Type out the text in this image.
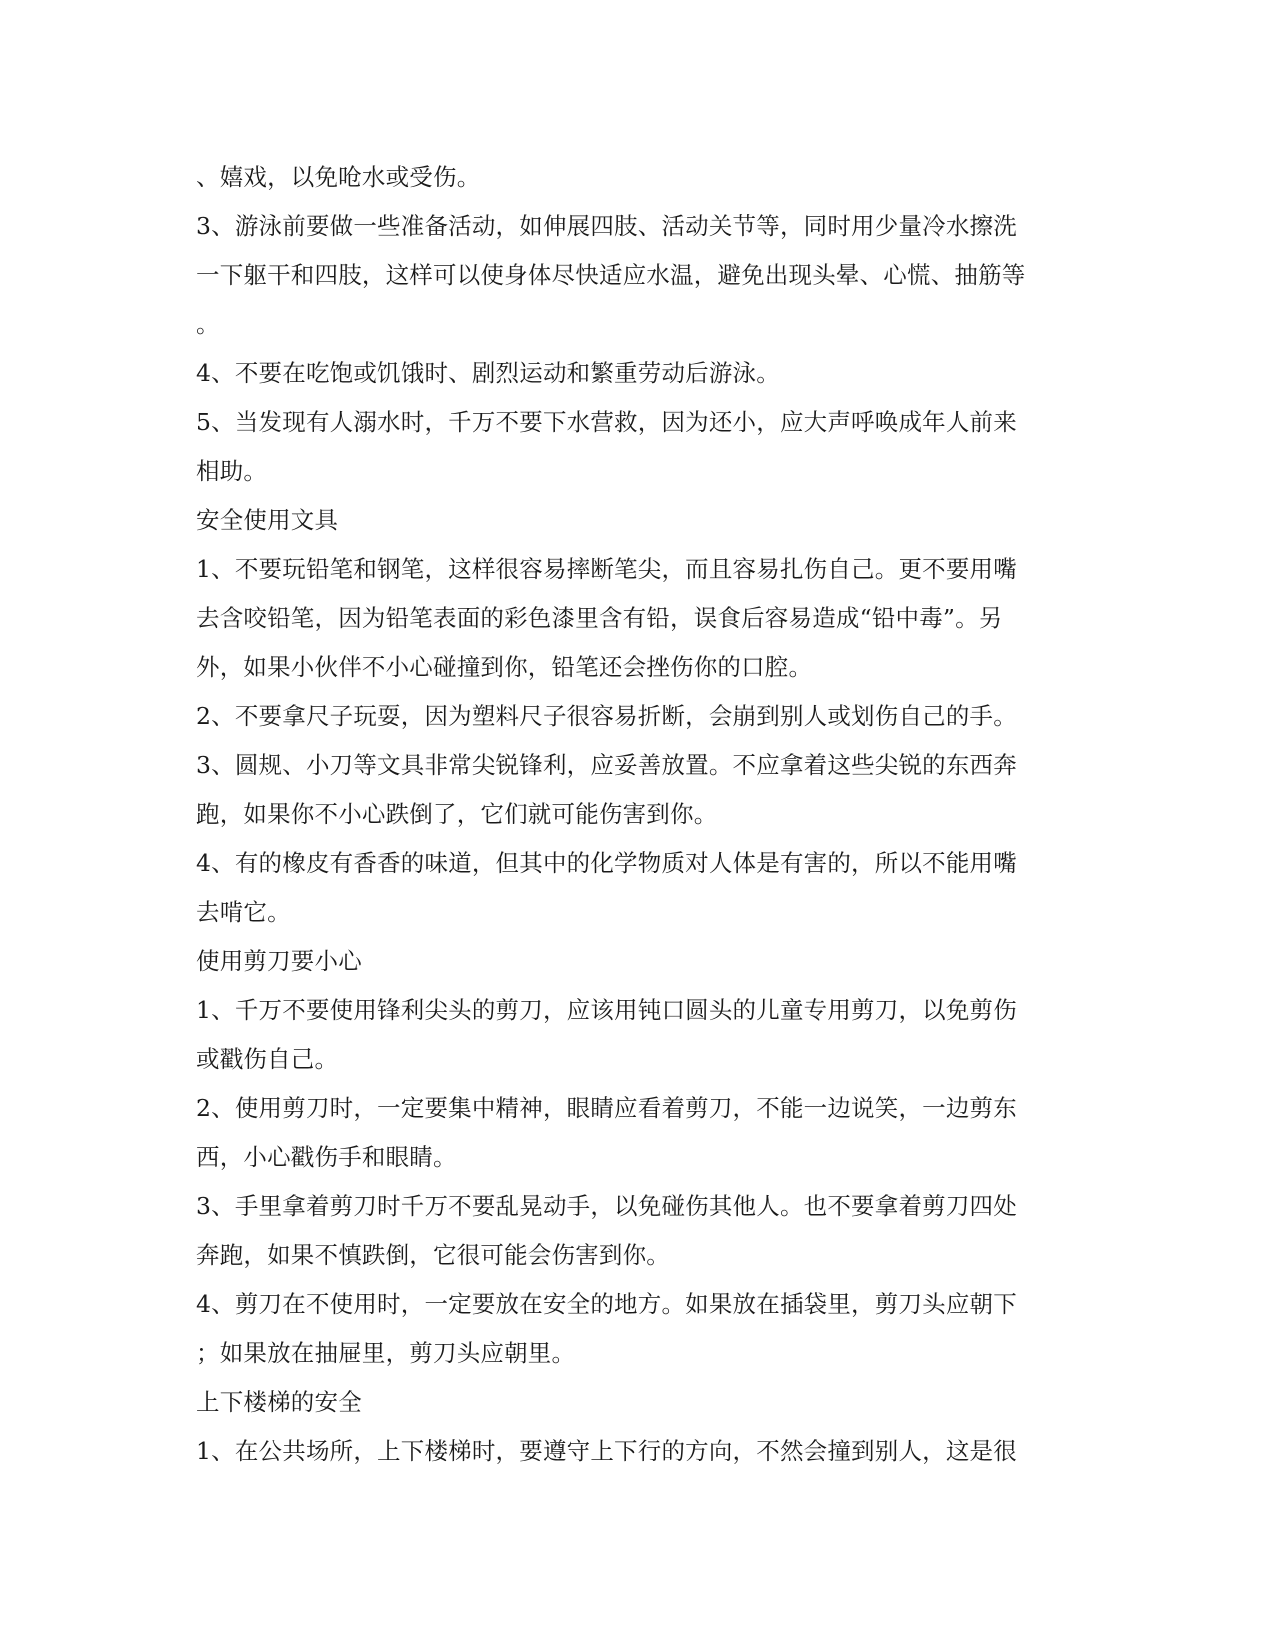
、嬉戏，以免呛水或受伤。
3、游泳前要做一些准备活动，如伸展四肢、活动关节等，同时用少量冷水擦洗
一下躯干和四肢，这样可以使身体尽快适应水温，避免出现头晕、心慌、抽筋等
。
4、不要在吃饱或饥饿时、剧烈运动和繁重劳动后游泳。
5、当发现有人溺水时，千万不要下水营救，因为还小，应大声呼唤成年人前来
相助。
安全使用文具
1、不要玩铅笔和钢笔，这样很容易摔断笔尖，而且容易扎伤自己。更不要用嘴
去含咬铅笔，因为铅笔表面的彩色漆里含有铅，误食后容易造成“铅中毒”。另
外，如果小伙伴不小心碰撞到你，铅笔还会挫伤你的口腔。
2、不要拿尺子玩耍，因为塑料尺子很容易折断，会崩到别人或划伤自己的手。
3、圆规、小刀等文具非常尖锐锋利，应妥善放置。不应拿着这些尖锐的东西奔
跑，如果你不小心跌倒了，它们就可能伤害到你。
4、有的橡皮有香香的味道，但其中的化学物质对人体是有害的，所以不能用嘴
去啃它。
使用剪刀要小心
1、千万不要使用锋利尖头的剪刀，应该用钝口圆头的儿童专用剪刀，以免剪伤
或戳伤自己。
2、使用剪刀时，一定要集中精神，眼睛应看着剪刀，不能一边说笑，一边剪东
西，小心戳伤手和眼睛。
3、手里拿着剪刀时千万不要乱晃动手，以免碰伤其他人。也不要拿着剪刀四处
奔跑，如果不慎跌倒，它很可能会伤害到你。
4、剪刀在不使用时，一定要放在安全的地方。如果放在插袋里，剪刀头应朝下
；如果放在抽屉里，剪刀头应朝里。
上下楼梯的安全
1、在公共场所，上下楼梯时，要遵守上下行的方向，不然会撞到别人，这是很
